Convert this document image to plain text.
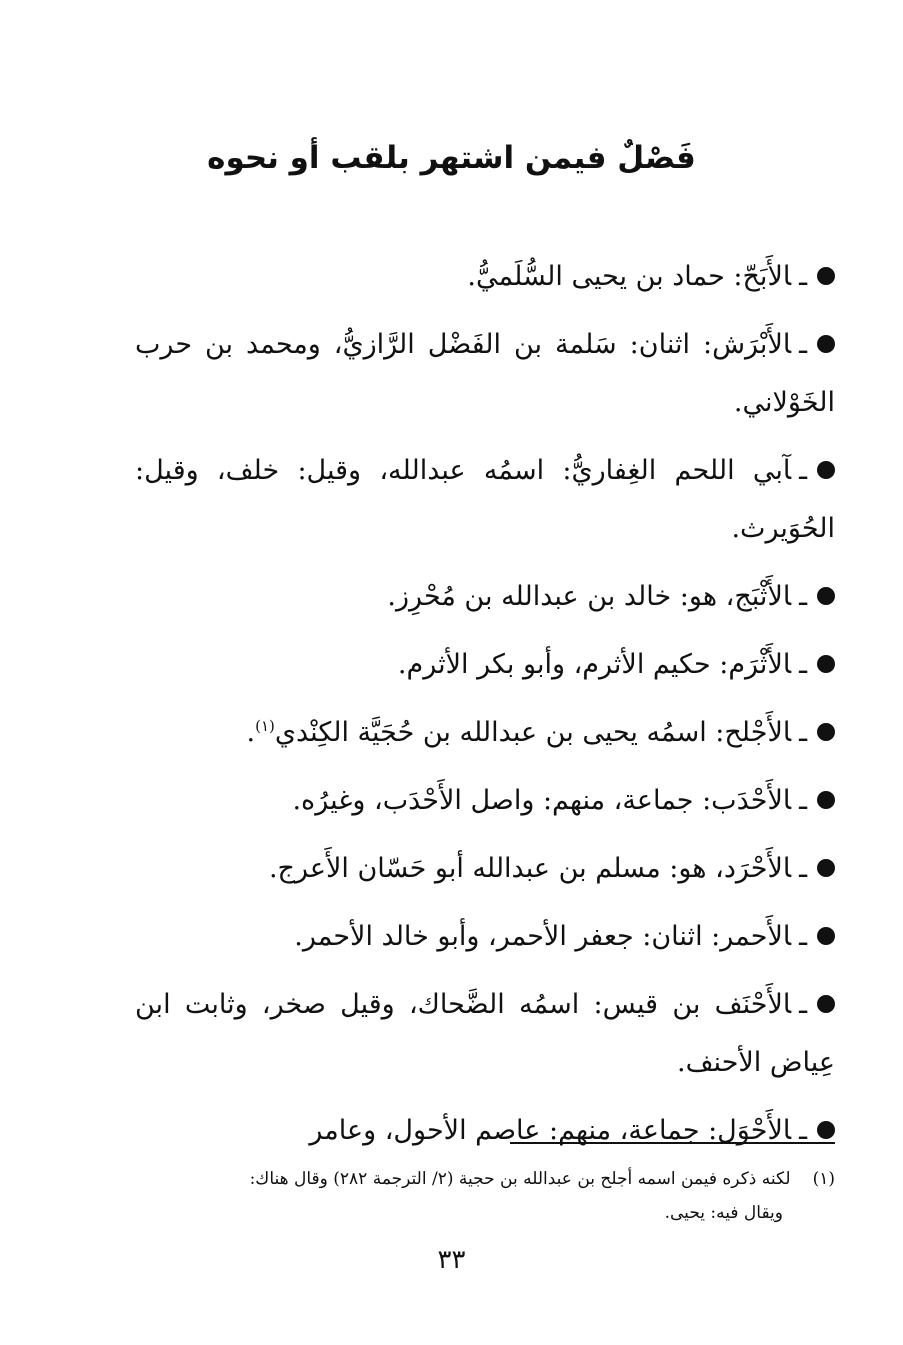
فَصْلٌ فيمن اشتهر بلقب أو نحوه

ـالأَبَحّ: حماد بن يحيى السُّلَميُّ.

ـالأَبْرَش: اثنان: سَلمة بن الفَضْل الرَّازيُّ، ومحمد بن حرب الخَوْلاني.

ـآبي اللحم الغِفاريُّ: اسمُه عبدالله، وقيل: خلف، وقيل: الحُوَيرث.

ـالأَثْبَج، هو: خالد بن عبدالله بن مُحْرِز.

ـالأَثْرَم: حكيم الأثرم، وأبو بكر الأثرم.

ـالأَجْلح: اسمُه يحيى بن عبدالله بن حُجَيَّة الكِنْدي$^{(١)}$.

ـالأَحْدَب: جماعة، منهم: واصل الأَحْدَب، وغيرُه.

ـالأَحْرَد، هو: مسلم بن عبدالله أبو حَسّان الأَعرج.

ـالأَحمر: اثنان: جعفر الأحمر، وأبو خالد الأحمر.

ـالأَحْنَف بن قيس: اسمُه الضَّحاك، وقيل صخر، وثابت ابن عِياض الأحنف.

ـالأَحْوَل: جماعة، منهم: عاصم الأحول، وعامر

(١)لكنه ذكره فيمن اسمه أجلح بن عبدالله بن حجية (٢/ الترجمة ٢٨٢) وقال هناك:
ويقال فيه: يحيى.
٣٣
